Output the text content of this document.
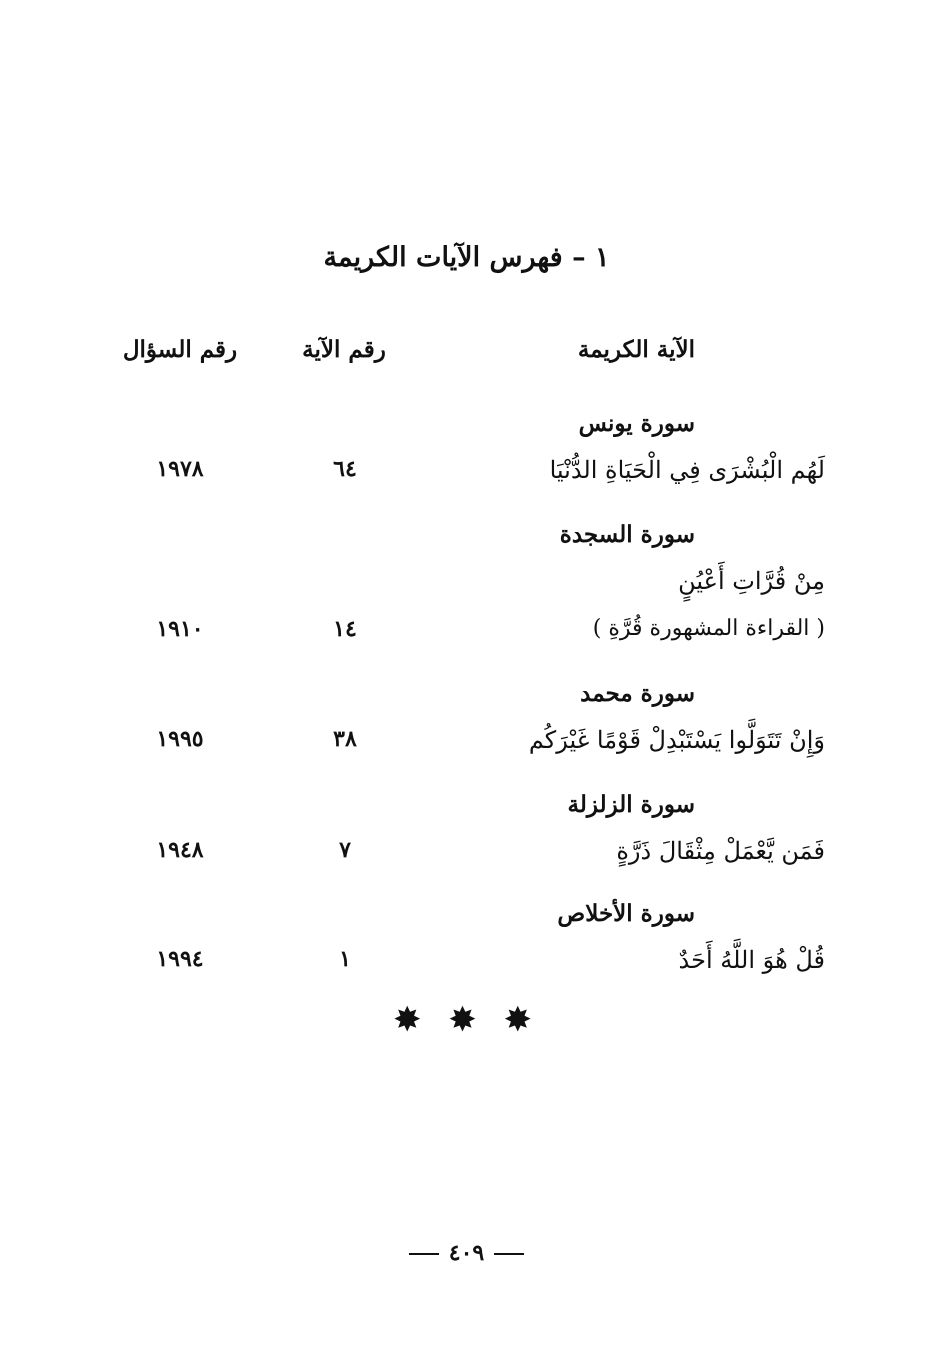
١ – فهرس الآيات الكريمة
الآية الكريمة
رقم الآية
رقم السؤال
سورة يونس
لَهُم الْبُشْرَى فِي الْحَيَاةِ الدُّنْيَا
٦٤
١٩٧٨
سورة السجدة
مِنْ قُرَّاتِ أَعْيُنٍ
( القراءة المشهورة قُرَّةِ )
١٤
١٩١٠
سورة محمد
وَإِنْ تَتَوَلَّوا يَسْتَبْدِلْ قَوْمًا غَيْرَكُم
٣٨
١٩٩٥
سورة الزلزلة
فَمَن يَّعْمَلْ مِثْقَالَ ذَرَّةٍ
٧
١٩٤٨
سورة الأخلاص
قُلْ هُوَ اللَّهُ أَحَدٌ
١
١٩٩٤
✸ ✸ ✸
٤٠٩
